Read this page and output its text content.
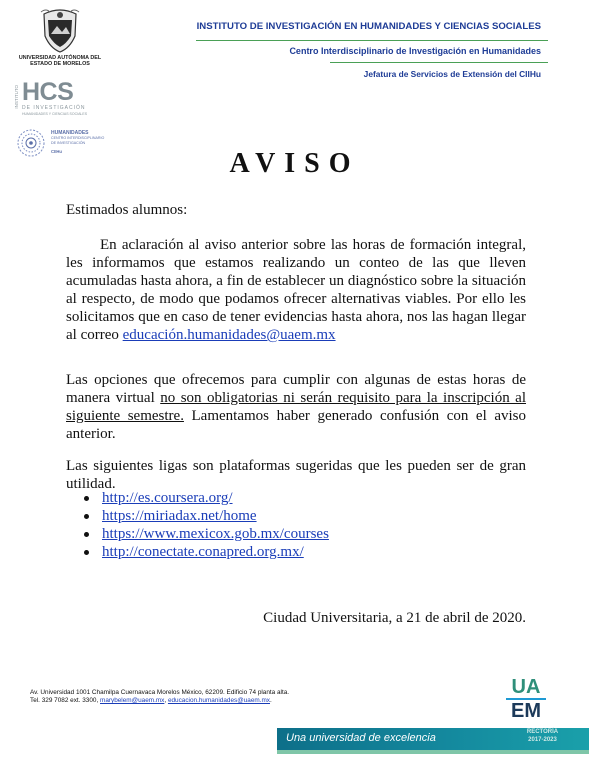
UNIVERSIDAD AUTÓNOMA DEL ESTADO DE MORELOS
INSTITUTO HCS
DE INVESTIGACIÓN
HUMANIDADES Y CIENCIAS SOCIALES
HUMANIDADES
CENTRO INTERDISCIPLINARIO
DE INVESTIGACIÓN
CIIHu
INSTITUTO DE INVESTIGACIÓN EN HUMANIDADES Y CIENCIAS SOCIALES
Centro Interdisciplinario de Investigación en Humanidades
Jefatura de Servicios de Extensión del CIIHu
AVISO
Estimados alumnos:
En aclaración al aviso anterior sobre las horas de formación integral, les informamos que estamos realizando un conteo de las que lleven acumuladas hasta ahora, a fin de establecer un diagnóstico sobre la situación al respecto, de modo que podamos ofrecer alternativas viables. Por ello les solicitamos que en caso de tener evidencias hasta ahora, nos las hagan llegar al correo educación.humanidades@uaem.mx
Las opciones que ofrecemos para cumplir con algunas de estas horas de manera virtual no son obligatorias ni serán requisito para la inscripción al siguiente semestre. Lamentamos haber generado confusión con el aviso anterior.
Las siguientes ligas son plataformas sugeridas que les pueden ser de gran utilidad.
http://es.coursera.org/
https://miriadax.net/home
https://www.mexicox.gob.mx/courses
http://conectate.conapred.org.mx/
Ciudad Universitaria, a 21 de abril de 2020.
Av. Universidad 1001 Chamilpa Cuernavaca Morelos México, 62209. Edificio 74 planta alta.
Tel. 329 7082 ext. 3300, marybelem@uaem.mx, educacion.humanidades@uaem.mx.
UA
EM
Una universidad de excelencia	RECTORÍA
2017-2023
